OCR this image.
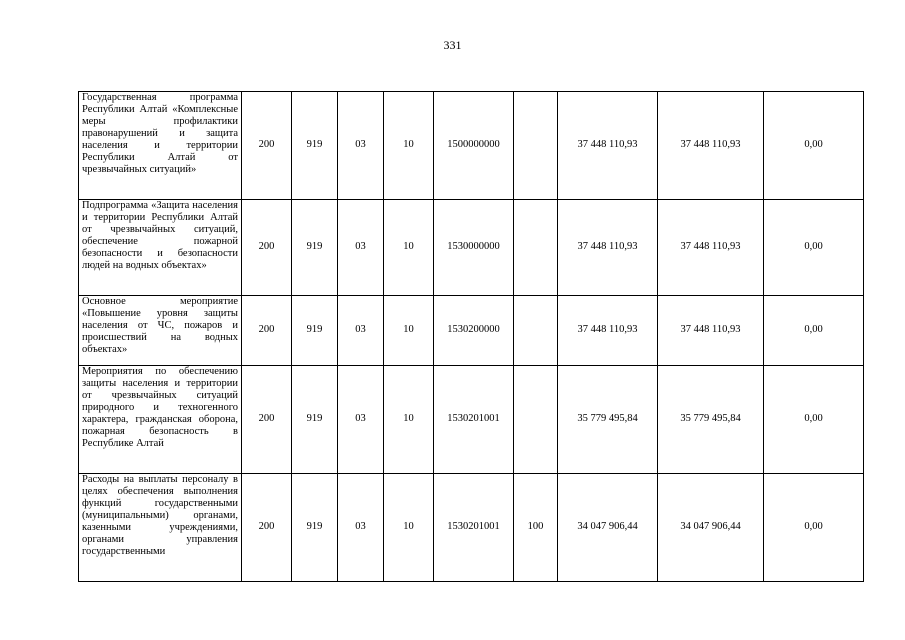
331
Государственная программа Республики Алтай «Комплексные меры профилактики правонарушений и защита населения и территории Республики Алтай от чрезвычайных ситуаций»	200	919	03	10	1500000000		37 448 110,93	37 448 110,93	0,00
Подпрограмма «Защита населения и территории Республики Алтай от чрезвычайных ситуаций, обеспечение пожарной безопасности и безопасности людей на водных объектах»	200	919	03	10	1530000000		37 448 110,93	37 448 110,93	0,00
Основное мероприятие «Повышение уровня защиты населения от ЧС, пожаров и происшествий на водных объектах»	200	919	03	10	1530200000		37 448 110,93	37 448 110,93	0,00
Мероприятия по обеспечению защиты населения и территории от чрезвычайных ситуаций природного и техногенного характера, гражданская оборона, пожарная безопасность в Республике Алтай	200	919	03	10	1530201001		35 779 495,84	35 779 495,84	0,00
Расходы на выплаты персоналу в целях обеспечения выполнения функций государственными (муниципальными) органами, казенными учреждениями, органами управления государственными	200	919	03	10	1530201001	100	34 047 906,44	34 047 906,44	0,00
